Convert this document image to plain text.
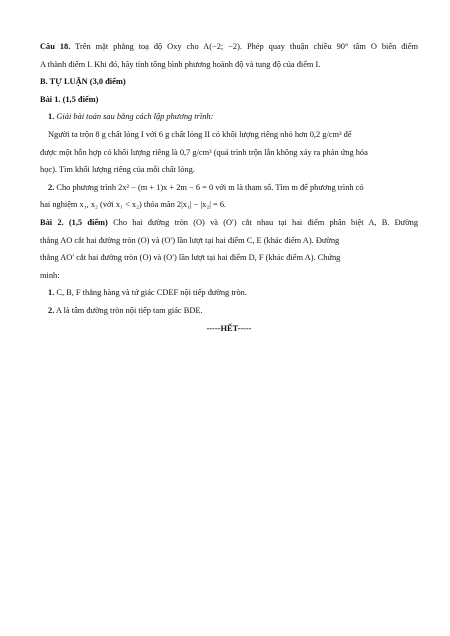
Câu 18. Trên mặt phẳng toạ độ Oxy cho A(−2; −2). Phép quay thuận chiều 90° tâm O biến điểm

A thành điểm I. Khi đó, hãy tính tổng bình phương hoành độ và tung độ của điểm I.

B. TỰ LUẬN (3,0 điểm)

Bài 1. (1,5 điểm)

1. Giải bài toán sau bằng cách lập phương trình:

Người ta trộn 8 g chất lỏng I với 6 g chất lỏng II có khối lượng riêng nhỏ hơn 0,2 g/cm³ để

được một hỗn hợp có khối lượng riêng là 0,7 g/cm³ (quá trình trộn lẫn không xảy ra phản ứng hóa

học). Tìm khối lượng riêng của mỗi chất lỏng.

2. Cho phương trình 2x² − (m + 1)x + 2m − 6 = 0 với m là tham số. Tìm m để phương trình có

hai nghiệm x₁, x₂ (với x₁ < x₂) thỏa mãn 2|x₁| − |x₂| = 6.

Bài 2. (1,5 điểm) Cho hai đường tròn (O) và (O′) cắt nhau tại hai điểm phân biệt A, B. Đường

thẳng AO cắt hai đường tròn (O) và (O′) lần lượt tại hai điểm C, E (khác điểm A). Đường

thẳng AO′ cắt hai đường tròn (O) và (O′) lần lượt tại hai điểm D, F (khác điểm A). Chứng

minh:

1. C, B, F thẳng hàng và tứ giác CDEF nội tiếp đường tròn.

2. A là tâm đường tròn nội tiếp tam giác BDE.

-----HẾT-----
